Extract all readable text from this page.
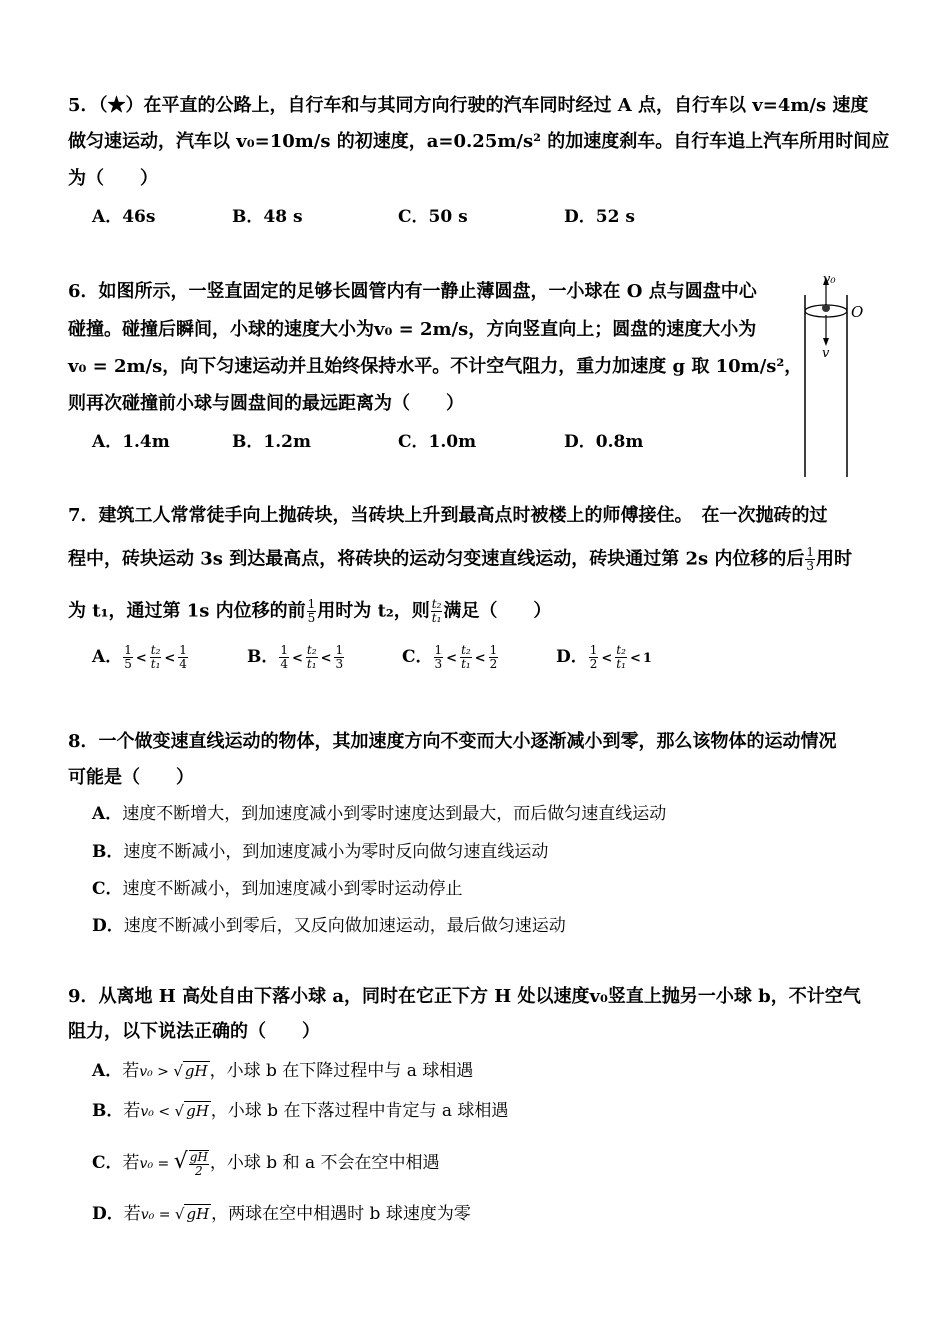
5．（★）在平直的公路上，自行车和与其同方向行驶的汽车同时经过 A 点，自行车以 v=4m/s 速度
做匀速运动，汽车以 v₀=10m/s 的初速度，a=0.25m/s² 的加速度刹车。自行车追上汽车所用时间应
为（　　）
A．46s	B．48 s	C．50 s	D．52 s
6．如图所示，一竖直固定的足够长圆管内有一静止薄圆盘，一小球在 O 点与圆盘中心
碰撞。碰撞后瞬间，小球的速度大小为v₀ = 2m/s，方向竖直向上；圆盘的速度大小为
v₀ = 2m/s，向下匀速运动并且始终保持水平。不计空气阻力，重力加速度 g 取 10m/s²，
则再次碰撞前小球与圆盘间的最远距离为（　　）
A．1.4m	B．1.2m	C．1.0m	D．0.8m
v₀
O
v
7．建筑工人常常徒手向上抛砖块，当砖块上升到最高点时被楼上的师傅接住。　在一次抛砖的过
程中，砖块运动 3s 到达最高点，将砖块的运动匀变速直线运动，砖块通过第 2s 内位移的后 $\frac{1}{3}$ 用时
为 t₁，通过第 1s 内位移的前 $\frac{1}{5}$ 用时为 t₂，则 $\frac{\text{t₂}}{\text{t₁}}$ 满足（　　）
A． $\frac{1}{5} < \frac{\text{t₂}}{\text{t₁}} < \frac{1}{4}$	B． $\frac{1}{4} < \frac{\text{t₂}}{\text{t₁}} < \frac{1}{3}$	C． $\frac{1}{3} < \frac{\text{t₂}}{\text{t₁}} < \frac{1}{2}$	D． $\frac{1}{2} < \frac{\text{t₂}}{\text{t₁}} < 1$
8．一个做变速直线运动的物体，其加速度方向不变而大小逐渐减小到零，那么该物体的运动情况
可能是（　　）
A．速度不断增大，到加速度减小到零时速度达到最大，而后做匀速直线运动
B．速度不断减小，到加速度减小为零时反向做匀速直线运动
C．速度不断减小，到加速度减小到零时运动停止
D．速度不断减小到零后，又反向做加速运动，最后做匀速运动
9．从离地 H 高处自由下落小球 a，同时在它正下方 H 处以速度v₀竖直上抛另一小球 b，不计空气
阻力，以下说法正确的（　　）
A．若v₀ > √ gH ，小球 b 在下降过程中与 a 球相遇
B．若v₀ < √ gH ，小球 b 在下落过程中肯定与 a 球相遇
C．若v₀ = √ $\frac{gH}{2}$ ，小球 b 和 a 不会在空中相遇
D．若v₀ = √ gH ，两球在空中相遇时 b 球速度为零
